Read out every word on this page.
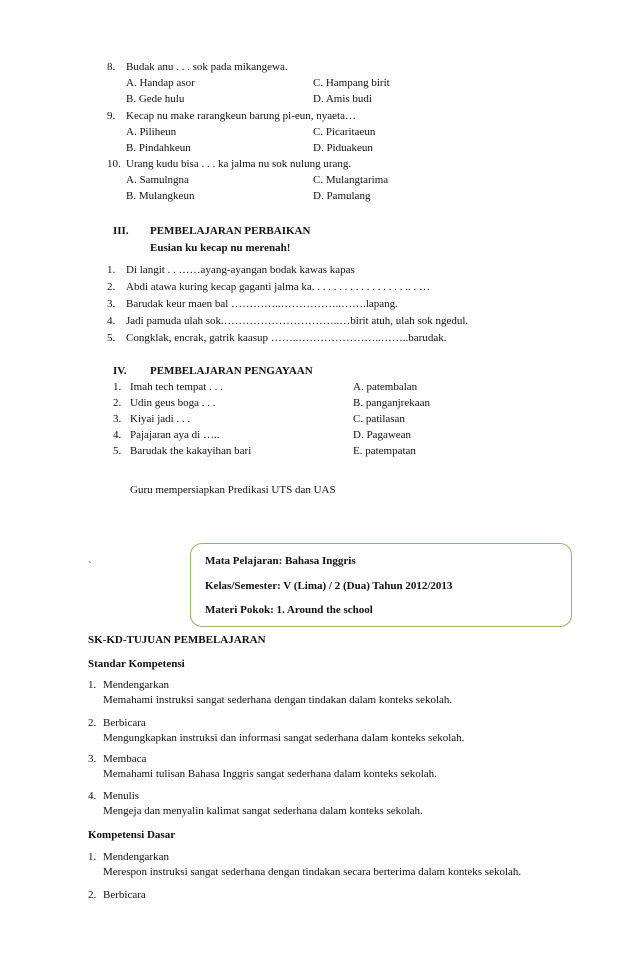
8. Budak anu . . . sok pada mikangewa.
A. Handap asor	C. Hampang birit
B. Gede hulu	D. Amis budi
9. Kecap nu make rarangkeun barung pi-eun, nyaeta…
A. Piliheun	C. Picaritaeun
B. Pindahkeun	D. Piduakeun
10. Urang kudu bisa . . . ka jalma nu sok nulung urang.
A. Samulngna	C. Mulangtarima
B. Mulangkeun	D. Pamulang
III. PEMBELAJARAN PERBAIKAN
Eusian ku kecap nu merenah!
1. Di langit . . ……ayang-ayangan bodak kawas kapas
2. Abdi atawa kuring kecap gaganti jalma ka. . . . . . . . . . . . . . . . . .. . …
3. Barudak keur maen bal …………..……………..…….lapang.
4. Jadi pamuda ulah sok.…………………………..…birit atuh, ulah sok ngedul.
5. Congklak, encrak, gatrik kaasup ……..…………………..……..barudak.
IV. PEMBELAJARAN PENGAYAAN
1. Imah tech tempat . . .	A. patembalan
2. Udin geus boga . . .	B. panganjrekaan
3. Kiyai jadi . . .	C. patilasan
4. Pajajaran aya di …..	D. Pagawean
5. Barudak the kakayihan bari	E. patempatan
Guru mempersiapkan Predikasi UTS dan UAS
`	Mata Pelajaran: Bahasa Inggris
Kelas/Semester: V (Lima) / 2 (Dua) Tahun 2012/2013
Materi Pokok: 1. Around the school
SK-KD-TUJUAN PEMBELAJARAN
Standar Kompetensi
1. Mendengarkan
Memahami instruksi sangat sederhana dengan tindakan dalam konteks sekolah.
2. Berbicara
Mengungkapkan instruksi dan informasi sangat sederhana dalam konteks sekolah.
3. Membaca
Memahami tulisan Bahasa Inggris sangat sederhana dalam konteks sekolah.
4. Menulis
Mengeja dan menyalin kalimat sangat sederhana dalam konteks sekolah.
Kompetensi Dasar
1. Mendengarkan
Merespon instruksi sangat sederhana dengan tindakan secara berterima dalam konteks sekolah.
2. Berbicara
